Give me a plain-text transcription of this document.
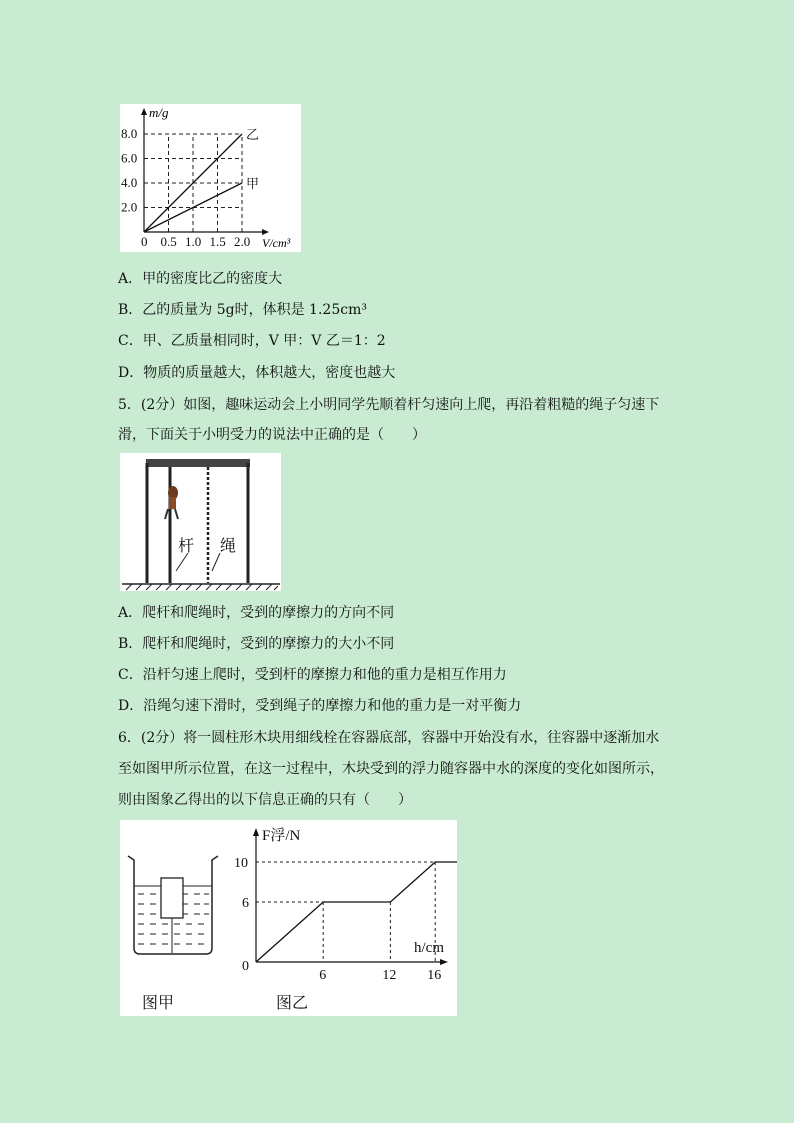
0 0.5 1.0 1.5 2.0
2.0
4.0
6.0
8.0	乙
甲
m/g
V/cm³
A．甲的密度比乙的密度大
B．乙的质量为 5g时，体积是 1.25cm³
C．甲、乙质量相同时，V 甲：V 乙＝1：2
D．物质的质量越大，体积越大，密度也越大
5．(2分）如图，趣味运动会上小明同学先顺着杆匀速向上爬，再沿着粗糙的绳子匀速下
滑，下面关于小明受力的说法中正确的是（　　）
杆 绳
A．爬杆和爬绳时，受到的摩擦力的方向不同
B．爬杆和爬绳时，受到的摩擦力的大小不同
C．沿杆匀速上爬时，受到杆的摩擦力和他的重力是相互作用力
D．沿绳匀速下滑时，受到绳子的摩擦力和他的重力是一对平衡力
6．(2分）将一圆柱形木块用细线栓在容器底部，容器中开始没有水，往容器中逐渐加水
至如图甲所示位置，在这一过程中，木块受到的浮力随容器中水的深度的变化如图所示，
则由图象乙得出的以下信息正确的只有（　　）
图甲
6
10
6	12 16
F浮/N
h/cm
0
图乙
